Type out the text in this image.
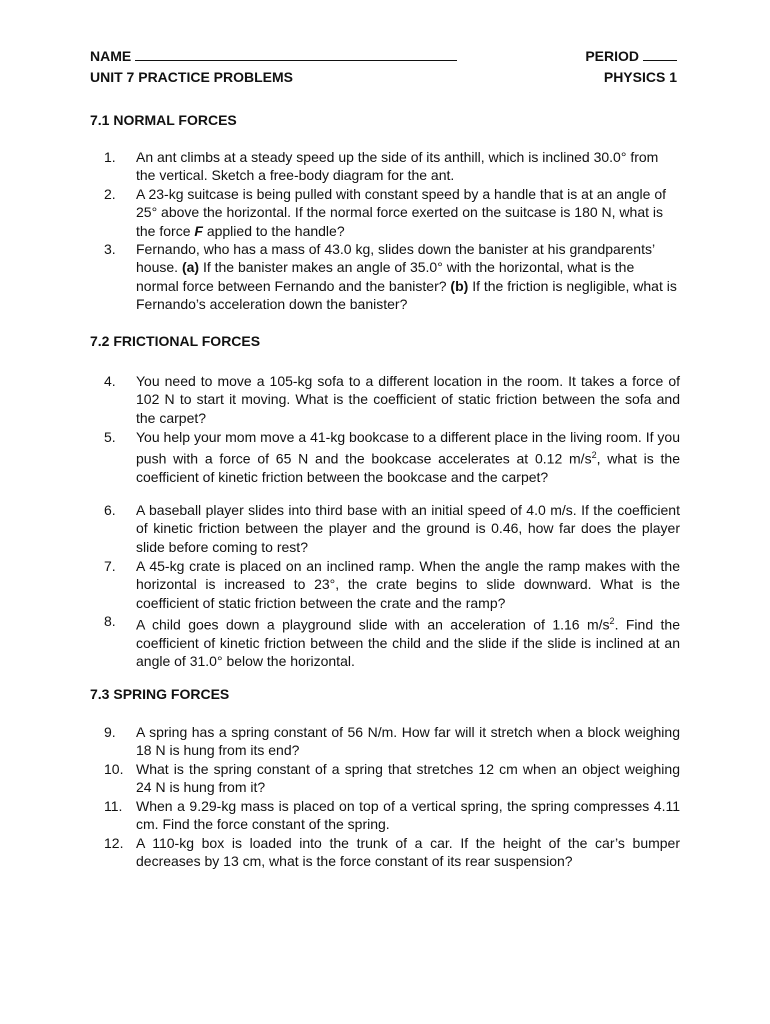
NAME	PERIOD
UNIT 7 PRACTICE PROBLEMS	PHYSICS 1
7.1 NORMAL FORCES
1.	An ant climbs at a steady speed up the side of its anthill, which is inclined 30.0° from the vertical. Sketch a free-body diagram for the ant.
2.	A 23-kg suitcase is being pulled with constant speed by a handle that is at an angle of 25° above the horizontal. If the normal force exerted on the suitcase is 180 N, what is the force F applied to the handle?
3.	Fernando, who has a mass of 43.0 kg, slides down the banister at his grandparents’ house. (a) If the banister makes an angle of 35.0° with the horizontal, what is the normal force between Fernando and the banister? (b) If the friction is negligible, what is Fernando’s acceleration down the banister?
7.2 FRICTIONAL FORCES
4.	You need to move a 105-kg sofa to a different location in the room. It takes a force of 102 N to start it moving. What is the coefficient of static friction between the sofa and the carpet?
5.	You help your mom move a 41-kg bookcase to a different place in the living room. If you push with a force of 65 N and the bookcase accelerates at 0.12 $m/s^2$, what is the coefficient of kinetic friction between the bookcase and the carpet?
6.	A baseball player slides into third base with an initial speed of 4.0 m/s. If the coefficient of kinetic friction between the player and the ground is 0.46, how far does the player slide before coming to rest?
7.	A 45-kg crate is placed on an inclined ramp. When the angle the ramp makes with the horizontal is increased to 23°, the crate begins to slide downward. What is the coefficient of static friction between the crate and the ramp?
8.	A child goes down a playground slide with an acceleration of 1.16 $m/s^2$. Find the coefficient of kinetic friction between the child and the slide if the slide is inclined at an angle of 31.0° below the horizontal.
7.3 SPRING FORCES
9.	A spring has a spring constant of 56 N/m. How far will it stretch when a block weighing 18 N is hung from its end?
10. What is the spring constant of a spring that stretches 12 cm when an object weighing 24 N is hung from it?
11. When a 9.29-kg mass is placed on top of a vertical spring, the spring compresses 4.11 cm. Find the force constant of the spring.
12. A 110-kg box is loaded into the trunk of a car. If the height of the car’s bumper decreases by 13 cm, what is the force constant of its rear suspension?
